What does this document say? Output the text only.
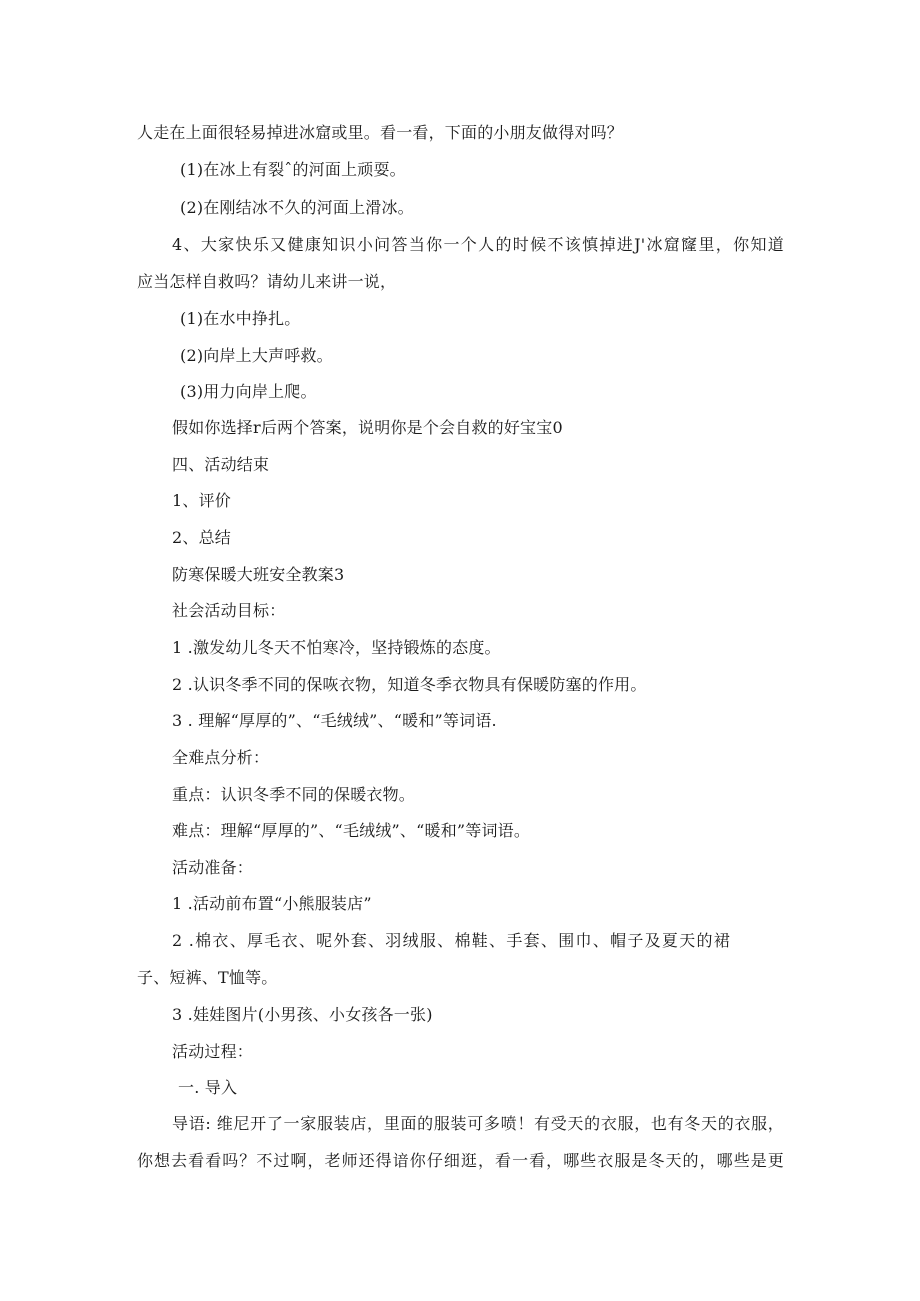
人走在上面很轻易掉进冰窟或里。看一看，下面的小朋友做得对吗？
(1)在冰上有裂ˆ的河面上顽耍。
(2)在刚结冰不久的河面上滑冰。
4、大家快乐又健康知识小问答当你一个人的时候不该慎掉进J'冰窟窿里，你知道
应当怎样自救吗？请幼儿来讲一说，
(1)在水中挣扎。
(2)向岸上大声呼救。
(3)用力向岸上爬。
假如你选择r后两个答案，说明你是个会自救的好宝宝0
四、活动结束
1、评价
2、总结
防寒保暖大班安全教案3
社会活动目标：
1 .激发幼儿冬天不怕寒冷，坚持锻炼的态度。
2 .认识冬季不同的保咴衣物，知道冬季衣物具有保暖防塞的作用。
3 . 理解“厚厚的”、“毛绒绒”、“暖和”等词语.
全难点分析：
重点：认识冬季不同的保暖衣物。
难点：理解“厚厚的”、“毛绒绒”、“暖和”等词语。
活动准备：
1 .活动前布置“小熊服装店”
2 .棉衣、厚毛衣、呢外套、羽绒服、棉鞋、手套、围巾、帽子及夏天的裙
子、短裤、T恤等。
3 .娃娃图片(小男孩、小女孩各一张)
活动过程：
一. 导入
导语: 维尼开了一家服装店，里面的服装可多喷！有受天的衣服，也有冬天的衣服，
你想去看看吗？不过啊，老师还得谙你仔细逛，看一看，哪些衣服是冬天的，哪些是更
